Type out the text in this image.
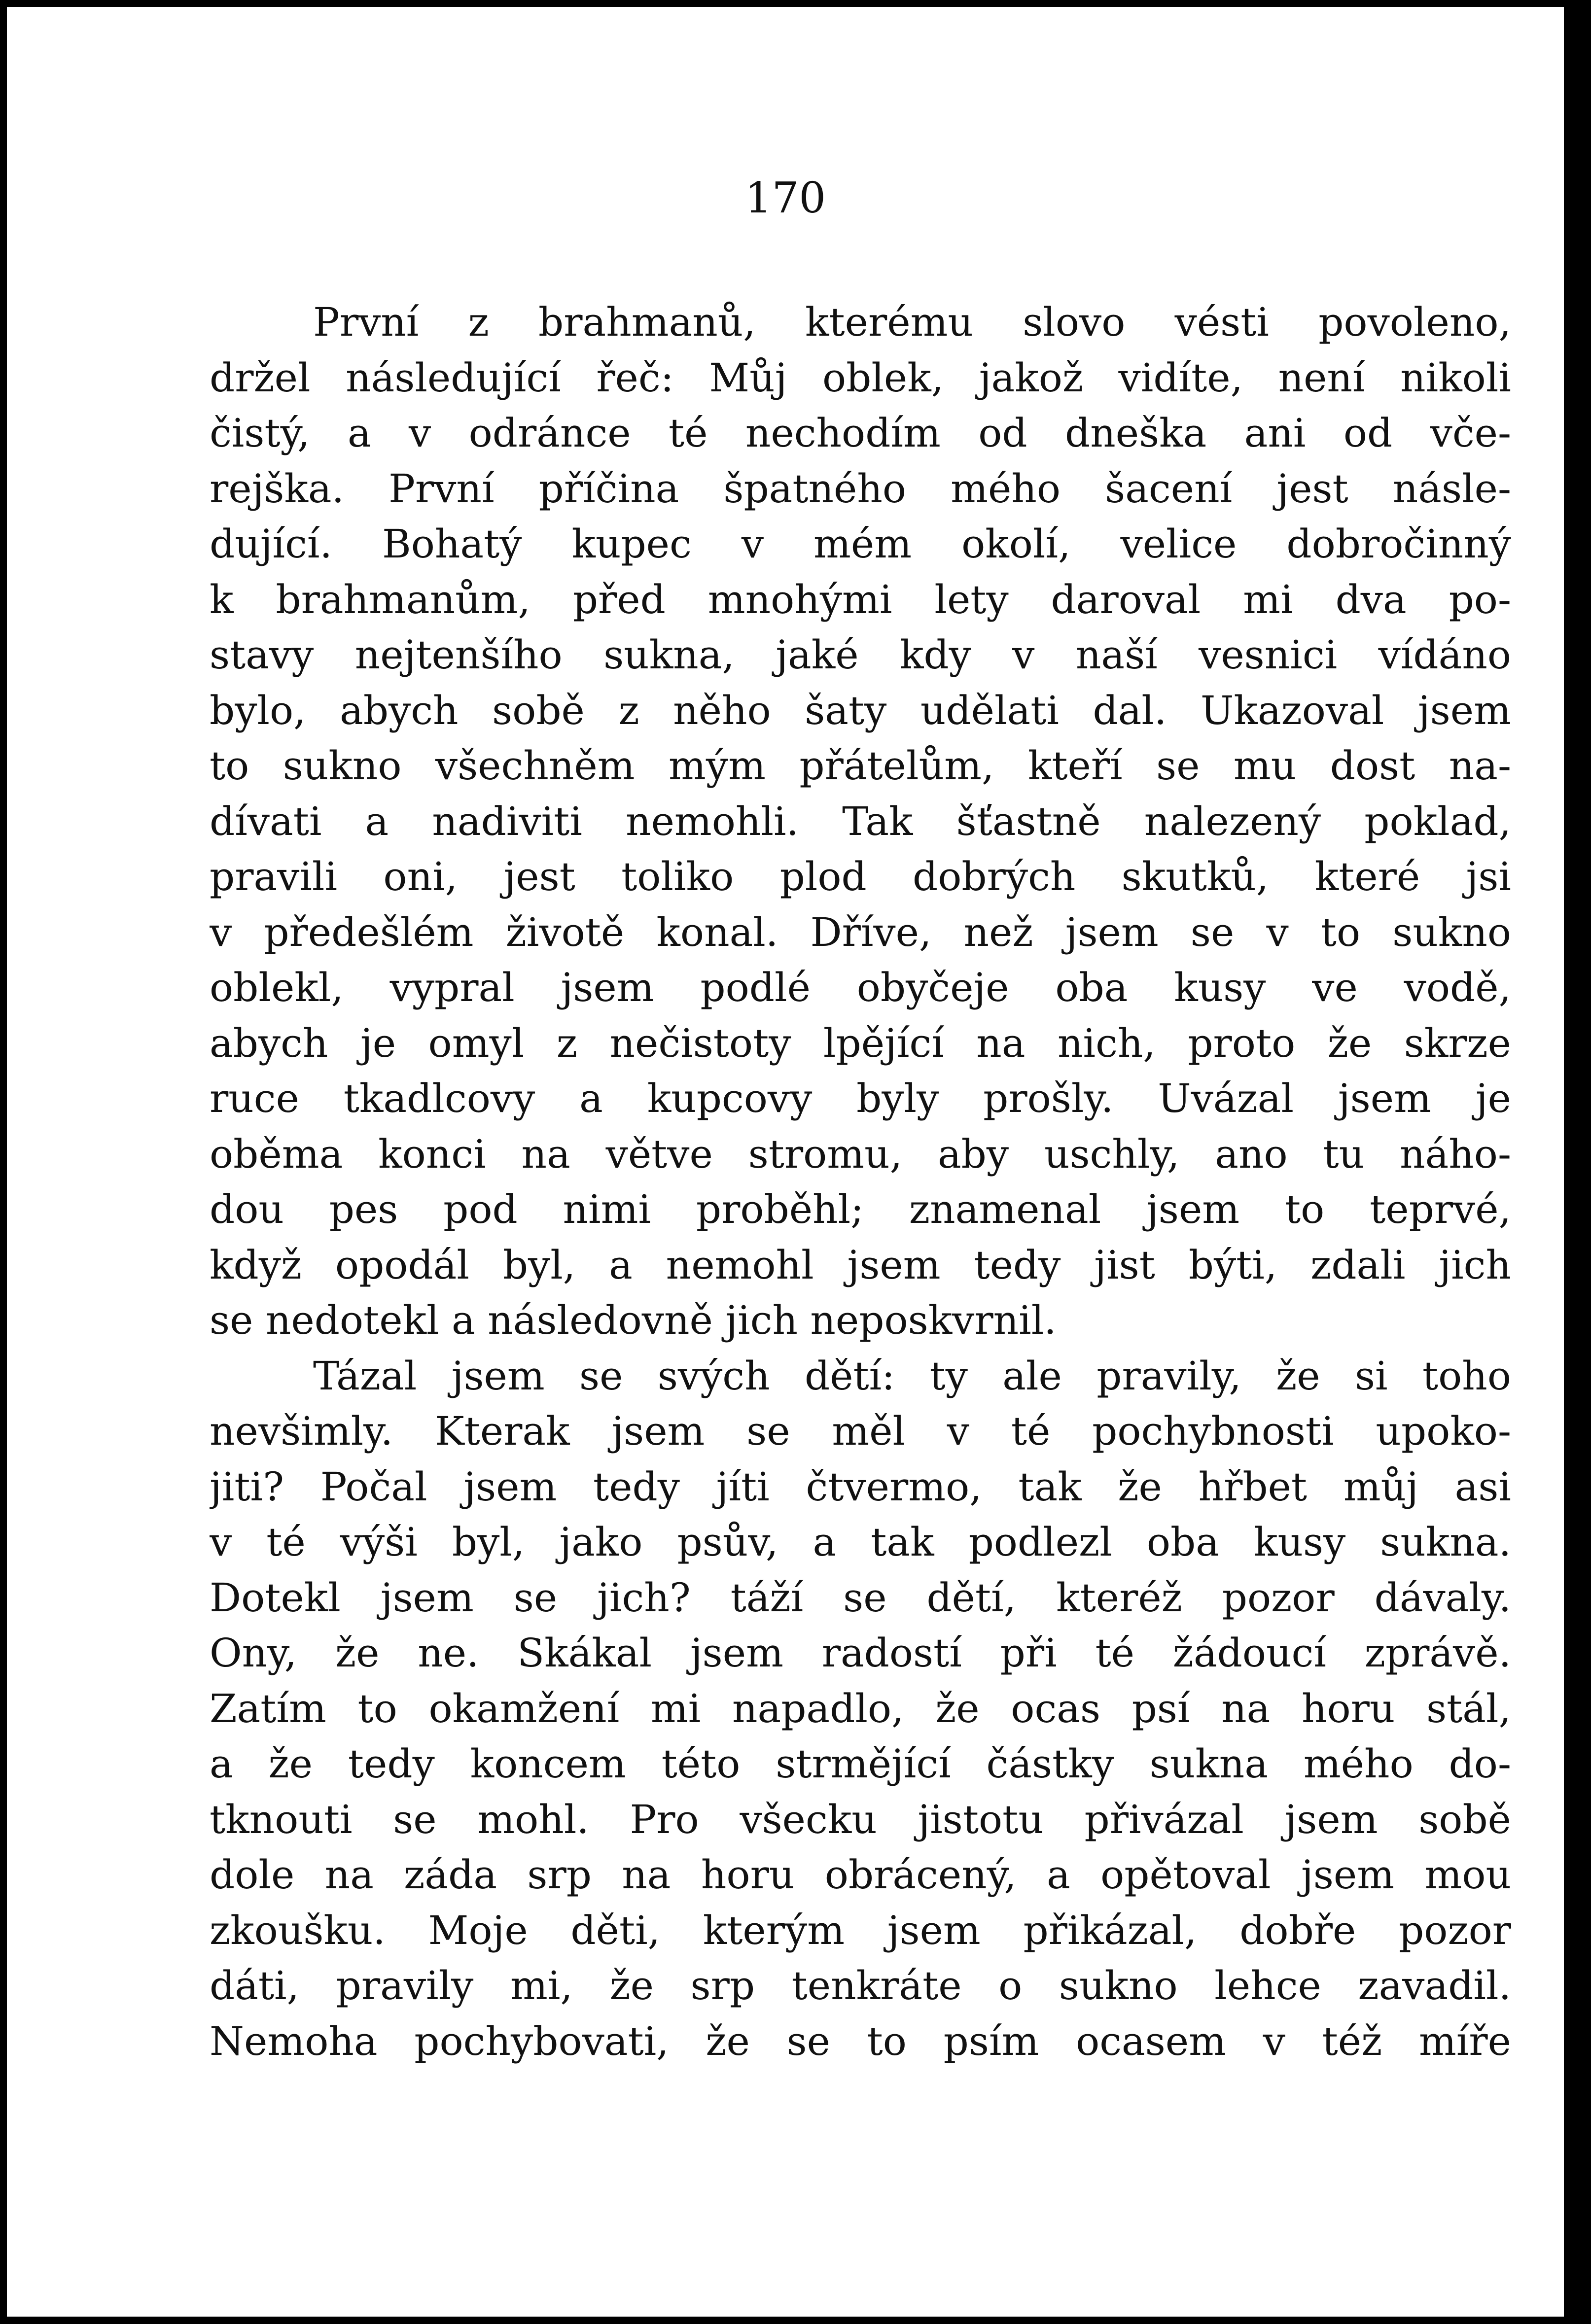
170
První z brahmanů, kterému slovo vésti povoleno,
držel následující řeč: Můj oblek, jakož vidíte, není nikoli
čistý, a v odránce té nechodím od dneška ani od vče-
rejška. První příčina špatného mého šacení jest násle-
dující. Bohatý kupec v mém okolí, velice dobročinný
k brahmanům, před mnohými lety daroval mi dva po-
stavy nejtenšího sukna, jaké kdy v naší vesnici vídáno
bylo, abych sobě z něho šaty udělati dal. Ukazoval jsem
to sukno všechněm mým přátelům, kteří se mu dost na-
dívati a nadiviti nemohli. Tak šťastně nalezený poklad,
pravili oni, jest toliko plod dobrých skutků, které jsi
v předešlém životě konal. Dříve, než jsem se v to sukno
oblekl, vypral jsem podlé obyčeje oba kusy ve vodě,
abych je omyl z nečistoty lpějící na nich, proto že skrze
ruce tkadlcovy a kupcovy byly prošly. Uvázal jsem je
oběma konci na větve stromu, aby uschly, ano tu náho-
dou pes pod nimi proběhl; znamenal jsem to teprvé,
když opodál byl, a nemohl jsem tedy jist býti, zdali jich
se nedotekl a následovně jich neposkvrnil.
Tázal jsem se svých dětí: ty ale pravily, že si toho
nevšimly. Kterak jsem se měl v té pochybnosti upoko-
jiti? Počal jsem tedy jíti čtvermo, tak že hřbet můj asi
v té výši byl, jako psův, a tak podlezl oba kusy sukna.
Dotekl jsem se jich? táží se dětí, kteréž pozor dávaly.
Ony, že ne. Skákal jsem radostí při té žádoucí zprávě.
Zatím to okamžení mi napadlo, že ocas psí na horu stál,
a že tedy koncem této strmějící částky sukna mého do-
tknouti se mohl. Pro všecku jistotu přivázal jsem sobě
dole na záda srp na horu obrácený, a opětoval jsem mou
zkoušku. Moje děti, kterým jsem přikázal, dobře pozor
dáti, pravily mi, že srp tenkráte o sukno lehce zavadil.
Nemoha pochybovati, že se to psím ocasem v též míře
